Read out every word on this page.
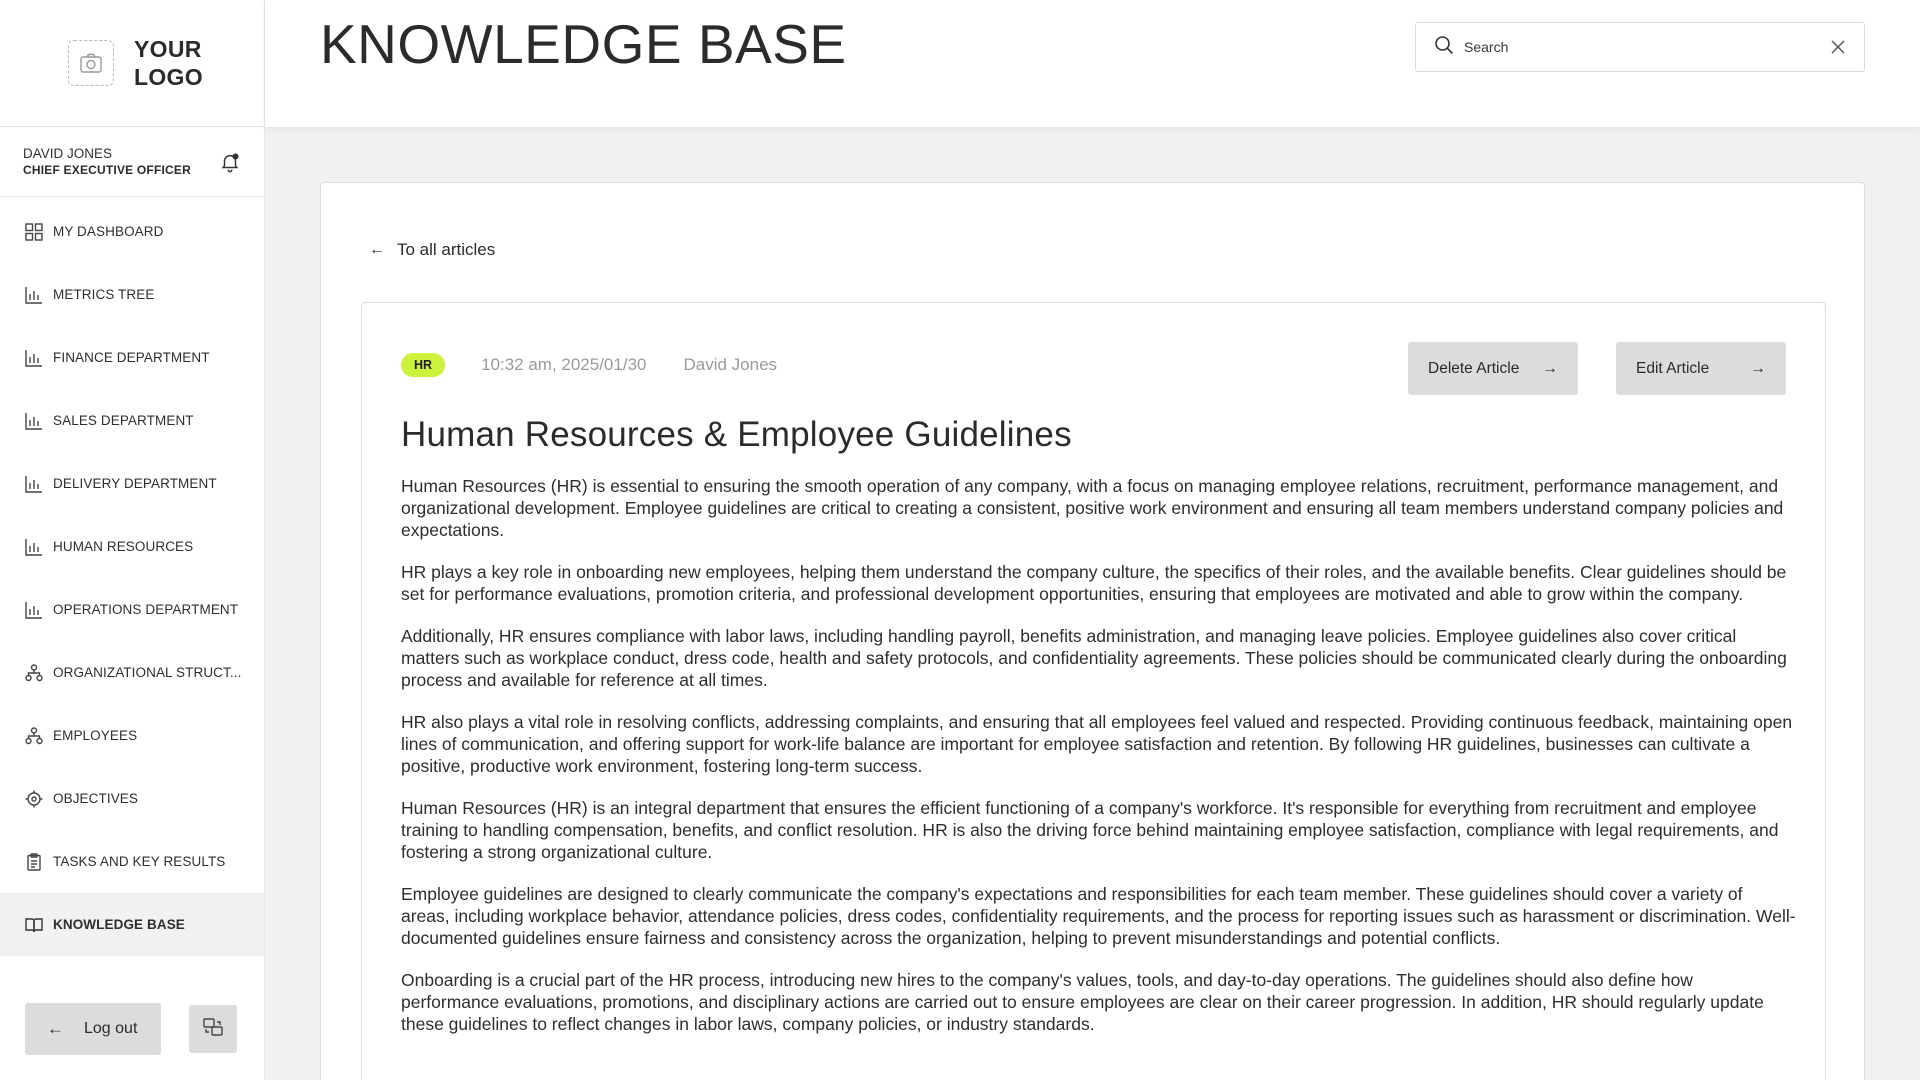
YOUR
LOGO
DAVID JONES
CHIEF EXECUTIVE OFFICER
MY DASHBOARD
METRICS TREE
FINANCE DEPARTMENT
SALES DEPARTMENT
DELIVERY DEPARTMENT
HUMAN RESOURCES
OPERATIONS DEPARTMENT
ORGANIZATIONAL STRUCT...
EMPLOYEES
OBJECTIVES
TASKS AND KEY RESULTS
KNOWLEDGE BASE
← Log out
KNOWLEDGE BASE
Search
← To all articles
HR	10:32 am, 2025/01/30 David Jones	Delete Article →	Edit Article	→
Human Resources & Employee Guidelines

Human Resources (HR) is essential to ensuring the smooth operation of any company, with a focus on managing employee relations, recruitment, performance management, and organizational development. Employee guidelines are critical to creating a consistent, positive work environment and ensuring all team members understand company policies and expectations.

HR plays a key role in onboarding new employees, helping them understand the company culture, the specifics of their roles, and the available benefits. Clear guidelines should be set for performance evaluations, promotion criteria, and professional development opportunities, ensuring that employees are motivated and able to grow within the company.

Additionally, HR ensures compliance with labor laws, including handling payroll, benefits administration, and managing leave policies. Employee guidelines also cover critical matters such as workplace conduct, dress code, health and safety protocols, and confidentiality agreements. These policies should be communicated clearly during the onboarding process and available for reference at all times.

HR also plays a vital role in resolving conflicts, addressing complaints, and ensuring that all employees feel valued and respected. Providing continuous feedback, maintaining open lines of communication, and offering support for work-life balance are important for employee satisfaction and retention. By following HR guidelines, businesses can cultivate a positive, productive work environment, fostering long-term success.

Human Resources (HR) is an integral department that ensures the efficient functioning of a company's workforce. It's responsible for everything from recruitment and employee training to handling compensation, benefits, and conflict resolution. HR is also the driving force behind maintaining employee satisfaction, compliance with legal requirements, and fostering a strong organizational culture.

Employee guidelines are designed to clearly communicate the company's expectations and responsibilities for each team member. These guidelines should cover a variety of areas, including workplace behavior, attendance policies, dress codes, confidentiality requirements, and the process for reporting issues such as harassment or discrimination. Well-documented guidelines ensure fairness and consistency across the organization, helping to prevent misunderstandings and potential conflicts.

Onboarding is a crucial part of the HR process, introducing new hires to the company's values, tools, and day-to-day operations. The guidelines should also define how performance evaluations, promotions, and disciplinary actions are carried out to ensure employees are clear on their career progression. In addition, HR should regularly update these guidelines to reflect changes in labor laws, company policies, or industry standards.
